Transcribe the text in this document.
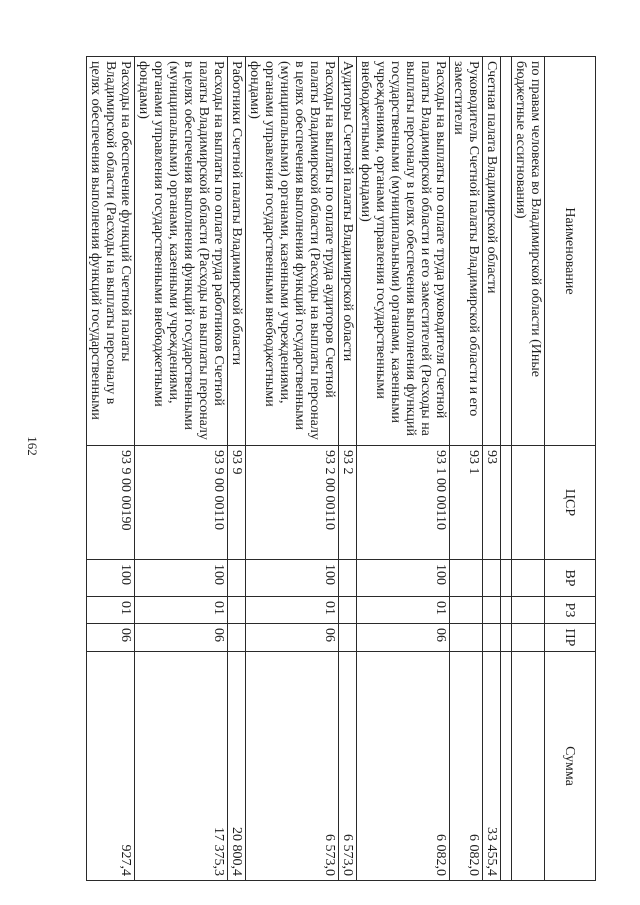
162
Наименование	ЦСР	ВР	РЗ	ПР	Сумма
по правам человека во Владимирской области (Иные бюджетные ассигнования)					

Счетная палата Владимирской области	93				33 455,4
Руководитель Счетной палаты Владимирской области и его заместители	93 1				6 082,0
Расходы на выплаты по оплате труда руководителя Счетной палаты Владимирской области и его заместителей (Расходы на выплаты персоналу в целях обеспечения выполнения функций государственными (муниципальными) органами, казенными учреждениями, органами управления государственными внебюджетными фондами)	93 1 00 00110	100	01	06	6 082,0
Аудиторы Счетной палаты Владимирской области	93 2				6 573,0
Расходы на выплаты по оплате труда аудиторов Счетной палаты Владимирской области (Расходы на выплаты персоналу в целях обеспечения выполнения функций государственными (муниципальными) органами, казенными учреждениями, органами управления государственными внебюджетными фондами)	93 2 00 00110	100	01	06	6 573,0
Работники Счетной палаты Владимирской области	93 9				20 800,4
Расходы на выплаты по оплате труда работников Счетной палаты Владимирской области (Расходы на выплаты персоналу в целях обеспечения выполнения функций государственными (муниципальными) органами, казенными учреждениями, органами управления государственными внебюджетными фондами)	93 9 00 00110	100	01	06	17 375,3
Расходы на обеспечение функций Счетной палаты Владимирской области (Расходы на выплаты персоналу в целях обеспечения выполнения функций государственными	93 9 00 00190	100	01	06	927,4
